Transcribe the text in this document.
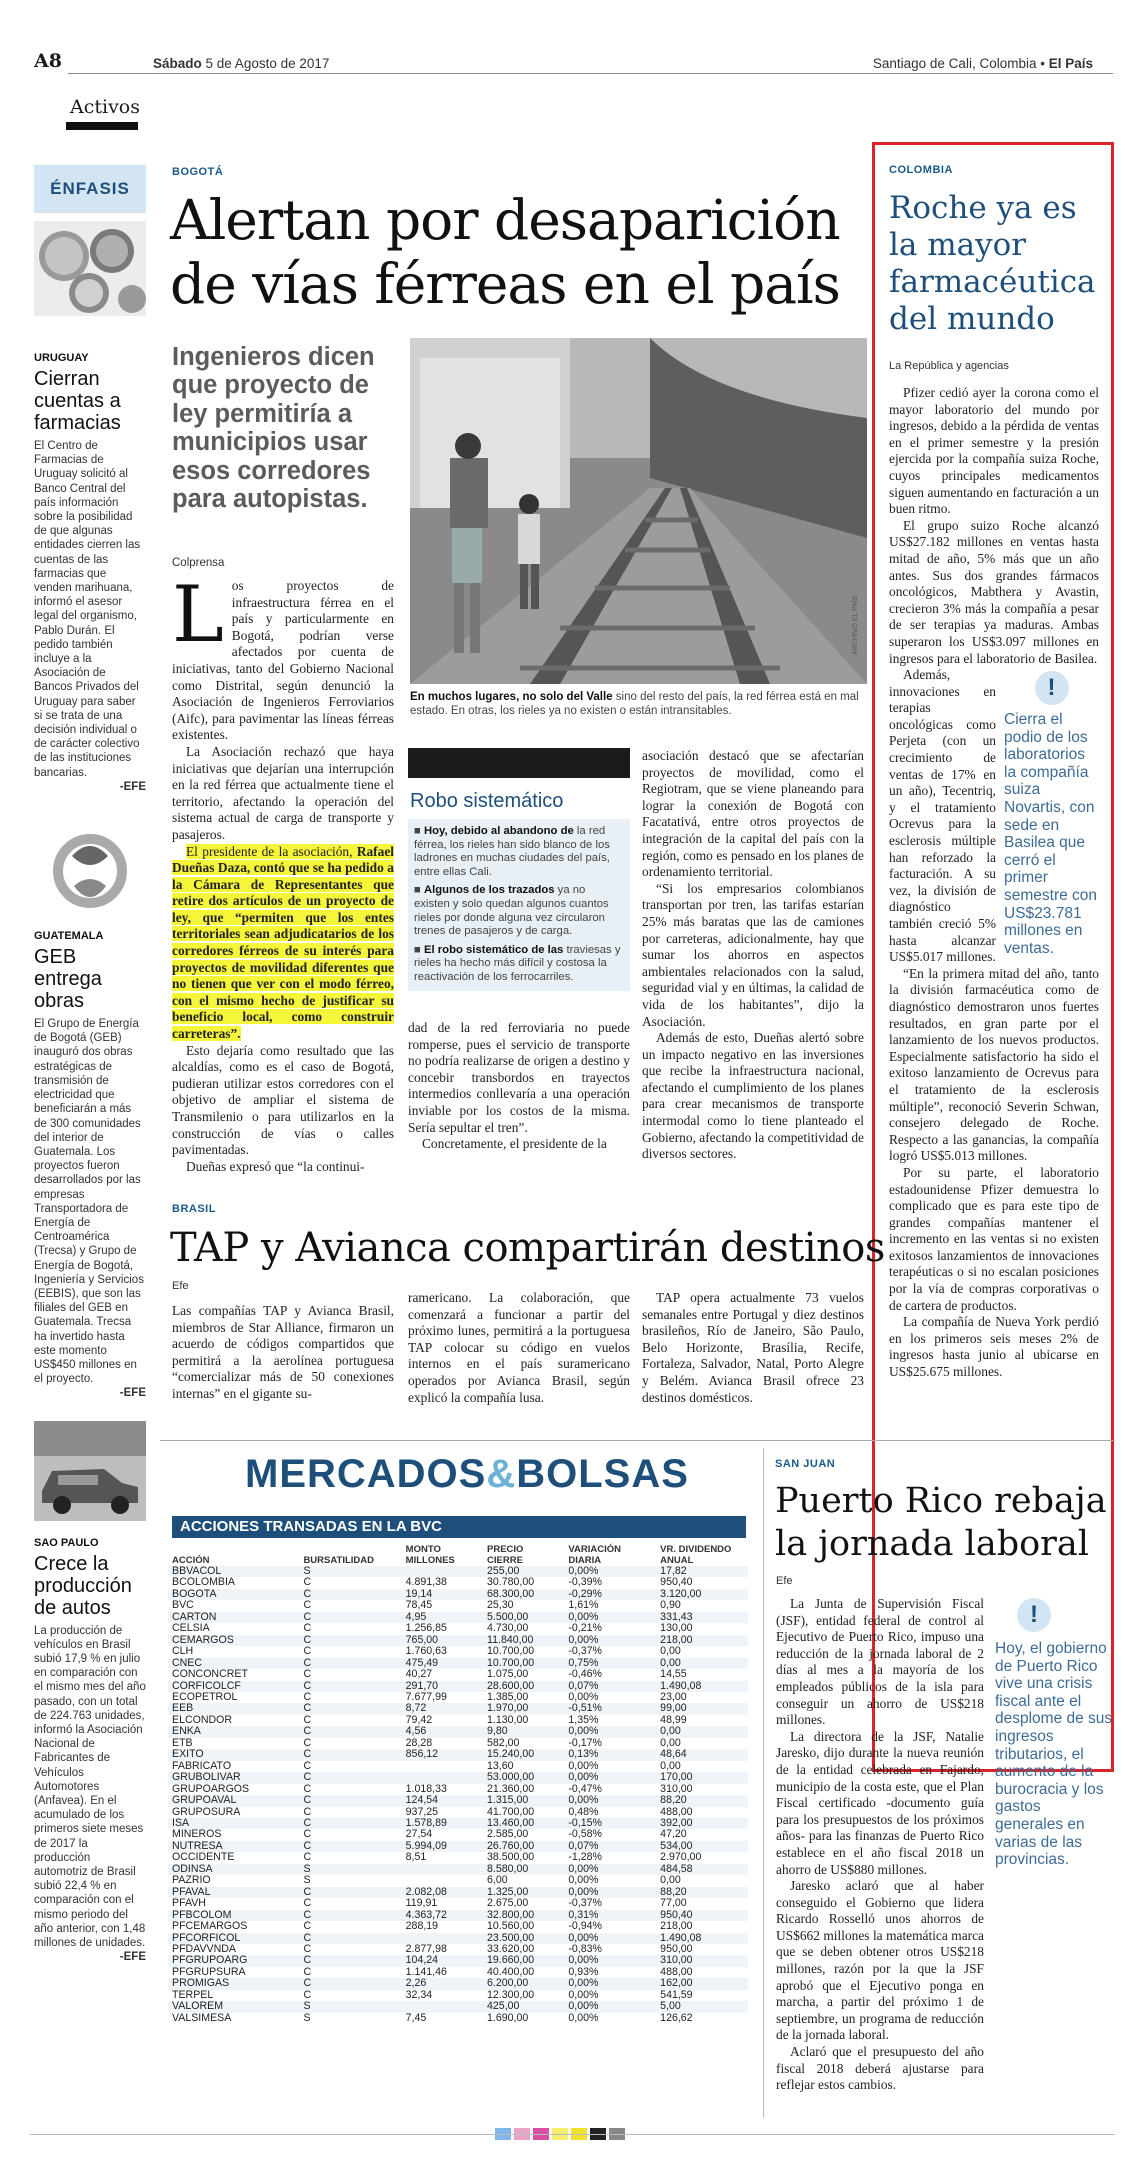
A8
Activos
Sábado 5 de Agosto de 2017	Santiago de Cali, Colombia • El País
ÉNFASIS
URUGUAY
Cierran cuentas a farmacias
El Centro de Farmacias de Uruguay solicitó al Banco Central del país información sobre la posibilidad de que algunas entidades cierren las cuentas de las farmacias que venden marihuana, informó el asesor legal del organismo, Pablo Durán. El pedido también incluye a la Asociación de Bancos Privados del Uruguay para saber si se trata de una decisión individual o de carácter colectivo de las instituciones bancarias.
-EFE
GUATEMALA
GEB entrega obras
El Grupo de Energía de Bogotá (GEB) inauguró dos obras estratégicas de transmisión de electricidad que beneficiarán a más de 300 comunidades del interior de Guatemala. Los proyectos fueron desarrollados por las empresas Transportadora de Energía de Centroamérica (Trecsa) y Grupo de Energía de Bogotá, Ingeniería y Servicios (EEBIS), que son las filiales del GEB en Guatemala. Trecsa ha invertido hasta este momento US$450 millones en el proyecto.
-EFE
SAO PAULO
Crece la producción de autos
La producción de vehículos en Brasil subió 17,9 % en julio en comparación con el mismo mes del año pasado, con un total de 224.763 unidades, informó la Asociación Nacional de Fabricantes de Vehículos Automotores (Anfavea). En el acumulado de los primeros siete meses de 2017 la producción automotriz de Brasil subió 22,4 % en comparación con el mismo periodo del año anterior, con 1,48 millones de unidades.
-EFE
BOGOTÁ
Alertan por desaparición de vías férreas en el país
Ingenieros dicen que proyecto de ley permitiría a municipios usar esos corredores para autopistas.
Colprensa
ARCHIVO EL PAÍS
En muchos lugares, no solo del Valle sino del resto del país, la red férrea está en mal estado. En otras, los rieles ya no existen o están intransitables.
L os proyectos de infraestructura férrea en el país y particularmente en Bogotá, podrían verse afectados por cuenta de iniciativas, tanto del Gobierno Nacional como Distrital, según denunció la Asociación de Ingenieros Ferroviarios (Aifc), para pavimentar las líneas férreas existentes.

La Asociación rechazó que haya iniciativas que dejarían una interrupción en la red férrea que actualmente tiene el territorio, afectando la operación del sistema actual de carga de transporte y pasajeros.

El presidente de la asociación, Rafael Dueñas Daza, contó que se ha pedido a la Cámara de Representantes que retire dos artículos de un proyecto de ley, que “permiten que los entes territoriales sean adjudicatarios de los corredores férreos de su interés para proyectos de movilidad diferentes que no tienen que ver con el modo férreo, con el mismo hecho de justificar su beneficio local, como construir carreteras”.

Esto dejaría como resultado que las alcaldías, como es el caso de Bogotá, pudieran utilizar estos corredores con el objetivo de ampliar el sistema de Transmilenio o para utilizarlos en la construcción de vías o calles pavimentadas.

Dueñas expresó que “la continui-

Robo sistemático
■ Hoy, debido al abandono de la red férrea, los rieles han sido blanco de los ladrones en muchas ciudades del país, entre ellas Cali.
■ Algunos de los trazados ya no existen y solo quedan algunos cuantos rieles por donde alguna vez circularon trenes de pasajeros y de carga.
■ El robo sistemático de las traviesas y rieles ha hecho más difícil y costosa la reactivación de los ferrocarriles.

dad de la red ferroviaria no puede romperse, pues el servicio de transporte no podría realizarse de origen a destino y concebir transbordos en trayectos intermedios conllevaría a una operación inviable por los costos de la misma. Sería sepultar el tren”.

Concretamente, el presidente de la

asociación destacó que se afectarían proyectos de movilidad, como el Regiotram, que se viene planeando para lograr la conexión de Bogotá con Facatativá, entre otros proyectos de integración de la capital del país con la región, como es pensado en los planes de ordenamiento territorial.

“Si los empresarios colombianos transportan por tren, las tarifas estarían 25% más baratas que las de camiones por carreteras, adicionalmente, hay que sumar los ahorros en aspectos ambientales relacionados con la salud, seguridad vial y en últimas, la calidad de vida de los habitantes”, dijo la Asociación.

Además de esto, Dueñas alertó sobre un impacto negativo en las inversiones que recibe la infraestructura nacional, afectando el cumplimiento de los planes para crear mecanismos de transporte intermodal como lo tiene planteado el Gobierno, afectando la competitividad de diversos sectores.

COLOMBIA
Roche ya es la mayor farmacéutica del mundo
La República y agencias

Pfizer cedió ayer la corona como el mayor laboratorio del mundo por ingresos, debido a la pérdida de ventas en el primer semestre y la presión ejercida por la compañía suiza Roche, cuyos principales medicamentos siguen aumentando en facturación a un buen ritmo.

El grupo suizo Roche alcanzó US$27.182 millones en ventas hasta mitad de año, 5% más que un año antes. Sus dos grandes fármacos oncológicos, Mabthera y Avastin, crecieron 3% más la compañía a pesar de ser terapias ya maduras. Ambas superaron los US$3.097 millones en ingresos para el laboratorio de Basilea.

!
Cierra el podio de los laboratorios la compañía suiza Novartis, con sede en Basilea que cerró el primer semestre con US$23.781 millones en ventas.

Además, innovaciones en terapias oncológicas como Perjeta (con un crecimiento de ventas de 17% en un año), Tecentriq, y el tratamiento Ocrevus para la esclerosis múltiple han reforzado la facturación. A su vez, la división de diagnóstico también creció 5% hasta alcanzar US$5.017 millones.

“En la primera mitad del año, tanto la división farmacéutica como de diagnóstico demostraron unos fuertes resultados, en gran parte por el lanzamiento de los nuevos productos. Especialmente satisfactorio ha sido el exitoso lanzamiento de Ocrevus para el tratamiento de la esclerosis múltiple”, reconoció Severin Schwan, consejero delegado de Roche. Respecto a las ganancias, la compañía logró US$5.013 millones.

Por su parte, el laboratorio estadounidense Pfizer demuestra lo complicado que es para este tipo de grandes compañías mantener el incremento en las ventas si no existen exitosos lanzamientos de innovaciones terapéuticas o si no escalan posiciones por la vía de compras corporativas o de cartera de productos.

La compañía de Nueva York perdió en los primeros seis meses 2% de ingresos hasta junio al ubicarse en US$25.675 millones.

BRASIL
TAP y Avianca compartirán destinos
Efe
Las compañías TAP y Avianca Brasil, miembros de Star Alliance, firmaron un acuerdo de códigos compartidos que permitirá a la aerolínea portuguesa “comercializar más de 50 conexiones internas” en el gigante su-
ramericano. La colaboración, que comenzará a funcionar a partir del próximo lunes, permitirá a la portuguesa TAP colocar su código en vuelos internos en el país suramericano operados por Avianca Brasil, según explicó la compañía lusa.
TAP opera actualmente 73 vuelos semanales entre Portugal y diez destinos brasileños, Río de Janeiro, São Paulo, Belo Horizonte, Brasília, Recife, Fortaleza, Salvador, Natal, Porto Alegre y Belém. Avianca Brasil ofrece 23 destinos domésticos.
MERCADOS&BOLSAS
ACCIONES TRANSADAS EN LA BVC
ACCIÓN	BURSATILIDAD	MONTO MILLONES	PRECIO CIERRE	VARIACIÓN DIARIA	VR. DIVIDENDO ANUAL
BBVACOL	S		255,00	0,00%	17,82
BCOLOMBIA	C	4.891,38	30.780,00	-0,39%	950,40
BOGOTA	C	19,14	68.300,00	-0,29%	3.120,00
BVC	C	78,45	25,30	1,61%	0,90
CARTON	C	4,95	5.500,00	0,00%	331,43
CELSIA	C	1.256,85	4.730,00	-0,21%	130,00
CEMARGOS	C	765,00	11.840,00	0,00%	218,00
CLH	C	1.760,63	10.700,00	-0,37%	0,00
CNEC	C	475,49	10.700,00	0,75%	0,00
CONCONCRET	C	40,27	1.075,00	-0,46%	14,55
CORFICOLCF	C	291,70	28.600,00	0,07%	1.490,08
ECOPETROL	C	7.677,99	1.385,00	0,00%	23,00
EEB	C	8,72	1.970,00	-0,51%	99,00
ELCONDOR	C	79,42	1.130,00	1,35%	48,99
ENKA	C	4,56	9,80	0,00%	0,00
ETB	C	28,28	582,00	-0,17%	0,00
EXITO	C	856,12	15.240,00	0,13%	48,64
FABRICATO	C		13,60	0,00%	0,00
GRUBOLIVAR	C		53.000,00	0,00%	170,00
GRUPOARGOS	C	1.018,33	21.360,00	-0,47%	310,00
GRUPOAVAL	C	124,54	1.315,00	0,00%	88,20
GRUPOSURA	C	937,25	41.700,00	0,48%	488,00
ISA	C	1.578,89	13.460,00	-0,15%	392,00
MINEROS	C	27,54	2.585,00	-0,58%	47,20
NUTRESA	C	5.994,09	26.760,00	0,07%	534,00
OCCIDENTE	C	8,51	38.500,00	-1,28%	2.970,00
ODINSA	S		8.580,00	0,00%	484,58
PAZRIO	S		6,00	0,00%	0,00
PFAVAL	C	2.082,08	1.325,00	0,00%	88,20
PFAVH	C	119,91	2.675,00	-0,37%	77,00
PFBCOLOM	C	4.363,72	32.800,00	0,31%	950,40
PFCEMARGOS	C	288,19	10.560,00	-0,94%	218,00
PFCORFICOL	C		23.500,00	0,00%	1.490,08
PFDAVVNDA	C	2.877,98	33.620,00	-0,83%	950,00
PFGRUPOARG	C	104,24	19.660,00	0,00%	310,00
PFGRUPSURA	C	1.141,46	40.400,00	0,93%	488,00
PROMIGAS	C	2,26	6.200,00	0,00%	162,00
TERPEL	C	32,34	12.300,00	0,00%	541,59
VALOREM	S		425,00	0,00%	5,00
VALSIMESA	S	7,45	1.690,00	0,00%	126,62
SAN JUAN
Puerto Rico rebaja la jornada laboral
Efe

La Junta de Supervisión Fiscal (JSF), entidad federal de control al Ejecutivo de Puerto Rico, impuso una reducción de la jornada laboral de 2 días al mes a la mayoría de los empleados públicos de la isla para conseguir un ahorro de US$218 millones.

La directora de la JSF, Natalie Jaresko, dijo durante la nueva reunión de la entidad celebrada en Fajardo, municipio de la costa este, que el Plan Fiscal certificado -documento guía para los presupuestos de los próximos años- para las finanzas de Puerto Rico establece en el año fiscal 2018 un ahorro de US$880 millones.

Jaresko aclaró que al haber conseguido el Gobierno que lidera Ricardo Rosselló unos ahorros de US$662 millones la matemática marca que se deben obtener otros US$218 millones, razón por la que la JSF aprobó que el Ejecutivo ponga en marcha, a partir del próximo 1 de septiembre, un programa de reducción de la jornada laboral.

Aclaró que el presupuesto del año fiscal 2018 deberá ajustarse para reflejar estos cambios.

!
Hoy, el gobierno de Puerto Rico vive una crisis fiscal ante el desplome de sus ingresos tributarios, el aumento de la burocracia y los gastos generales en varias de las provincias.
